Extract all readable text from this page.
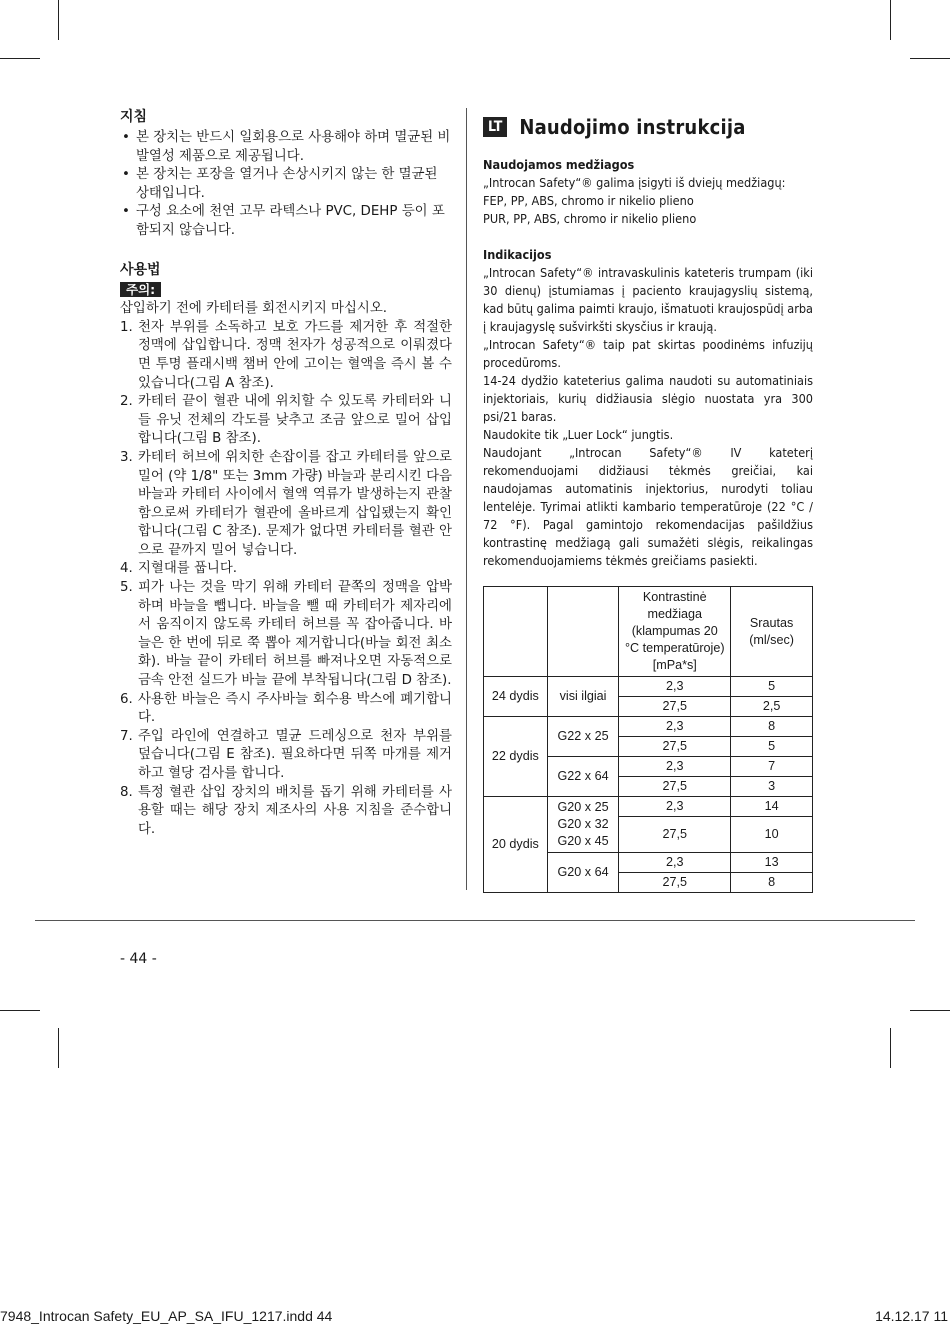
지침
• 본 장치는 반드시 일회용으로 사용해야 하며 멸균된 비발열성 제품으로 제공됩니다.
• 본 장치는 포장을 열거나 손상시키지 않는 한 멸균된 상태입니다.
• 구성 요소에 천연 고무 라텍스나 PVC, DEHP 등이 포함되지 않습니다.
사용법
주의:
삽입하기 전에 카테터를 회전시키지 마십시오.
1. 천자 부위를 소독하고 보호 가드를 제거한 후 적절한 정맥에 삽입합니다. 정맥 천자가 성공적으로 이뤄졌다면 투명 플래시백 챔버 안에 고이는 혈액을 즉시 볼 수 있습니다(그림 A 참조).
2. 카테터 끝이 혈관 내에 위치할 수 있도록 카테터와 니들 유닛 전체의 각도를 낮추고 조금 앞으로 밀어 삽입합니다(그림 B 참조).
3. 카테터 허브에 위치한 손잡이를 잡고 카테터를 앞으로 밀어 (약 1/8" 또는 3mm 가량) 바늘과 분리시킨 다음 바늘과 카테터 사이에서 혈액 역류가 발생하는지 관찰함으로써 카테터가 혈관에 올바르게 삽입됐는지 확인합니다(그림 C 참조). 문제가 없다면 카테터를 혈관 안으로 끝까지 밀어 넣습니다.
4. 지혈대를 풉니다.
5. 피가 나는 것을 막기 위해 카테터 끝쪽의 정맥을 압박하며 바늘을 뺍니다. 바늘을 뺄 때 카테터가 제자리에서 움직이지 않도록 카테터 허브를 꼭 잡아줍니다. 바늘은 한 번에 뒤로 쭉 뽑아 제거합니다(바늘 회전 최소화). 바늘 끝이 카테터 허브를 빠져나오면 자동적으로 금속 안전 실드가 바늘 끝에 부착됩니다(그림 D 참조).
6. 사용한 바늘은 즉시 주사바늘 회수용 박스에 폐기합니다.
7. 주입 라인에 연결하고 멸균 드레싱으로 천자 부위를 덮습니다(그림 E 참조). 필요하다면 뒤쪽 마개를 제거하고 혈당 검사를 합니다.
8. 특정 혈관 삽입 장치의 배치를 돕기 위해 카테터를 사용할 때는 해당 장치 제조사의 사용 지침을 준수합니다.
LT Naudojimo instrukcija
Naudojamos medžiagos

„Introcan Safety“® galima įsigyti iš dviejų medžiagų:

FEP, PP, ABS, chromo ir nikelio plieno

PUR, PP, ABS, chromo ir nikelio plieno

Indikacijos

„Introcan Safety“® intravaskulinis kateteris trumpam (iki 30 dienų) įstumiamas į paciento kraujagyslių sistemą, kad būtų galima paimti kraujo, išmatuoti kraujospūdį arba į kraujagyslę sušvirkšti skysčius ir kraują.

„Introcan Safety“® taip pat skirtas poodinėms infuzijų procedūroms.

14-24 dydžio kateterius galima naudoti su automatiniais injektoriais, kurių didžiausia slėgio nuostata yra 300 psi/21 baras.

Naudokite tik „Luer Lock“ jungtis.

Naudojant „Introcan Safety“® IV kateterį rekomenduojami didžiausi tėkmės greičiai, kai naudojamas automatinis injektorius, nurodyti toliau lentelėje. Tyrimai atlikti kambario temperatūroje (22 °C / 72 °F). Pagal gamintojo rekomendacijas pašildžius kontrastinę medžiagą gali sumažėti slėgis, reikalingas rekomenduojamiems tėkmės greičiams pasiekti.

		Kontrastinė medžiaga (klampumas 20 °C temperatūroje) [mPa*s]	Srautas (ml/sec)
24 dydis	visi ilgiai	2,3	5
		27,5	2,5
22 dydis	G22 x 25	2,3	8
		27,5	5
	G22 x 64	2,3	7
		27,5	3
20 dydis	G20 x 25
G20 x 32
G20 x 45	2,3	14
		27,5	10
	G20 x 64	2,3	13
		27,5	8
- 44 -
7948_Introcan Safety_EU_AP_SA_IFU_1217.indd 44	14.12.17 11
